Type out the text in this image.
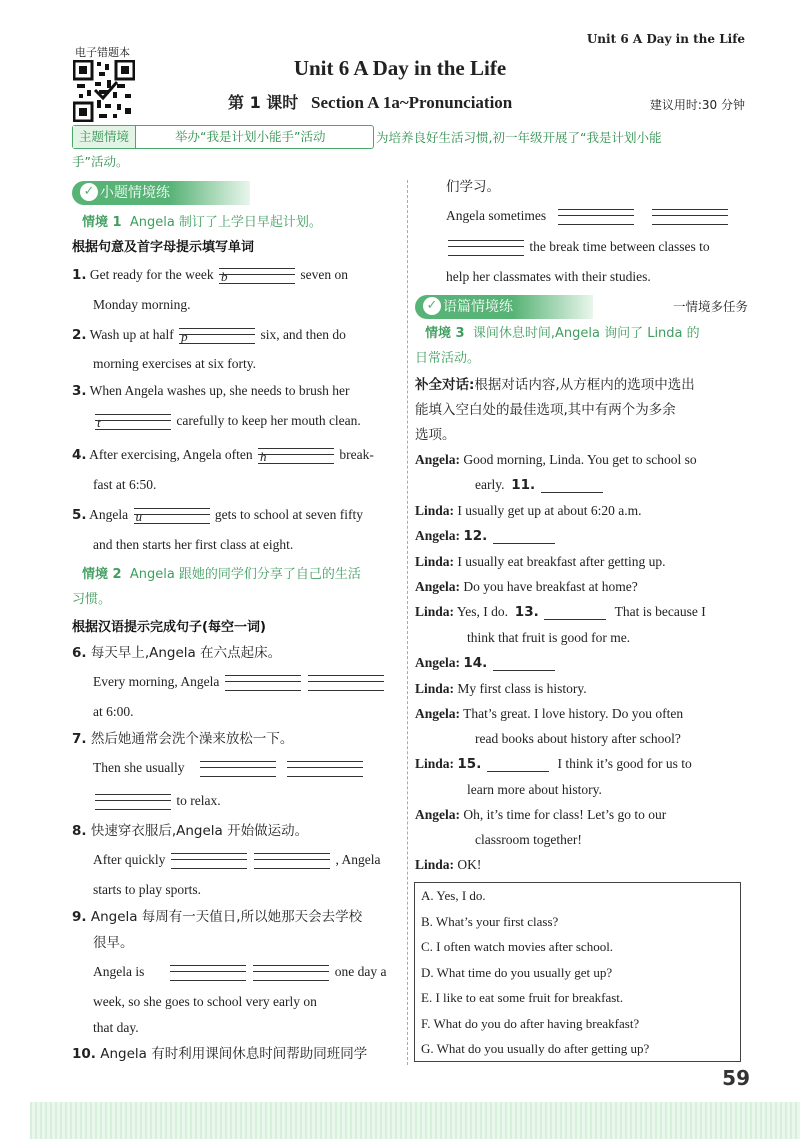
Unit 6 A Day in the Life
电子错题本
Unit 6 A Day in the Life
第 1 课时 Section A 1a~Pronunciation	建议用时:30 分钟
主题情境	举办“我是计划小能手”活动	为培养良好生活习惯,初一年级开展了“我是计划小能
手”活动。
✓ 小题情境练
情境 1 Angela 制订了上学日早起计划。
根据句意及首字母提示填写单词
1. Get ready for the week b	seven on
Monday morning.
2. Wash up at half p	six, and then do
morning exercises at six forty.
3. When Angela washes up, she needs to brush her
t	carefully to keep her mouth clean.
4. After exercising, Angela often h	break-
fast at 6:50.
5. Angela u	gets to school at seven fifty
and then starts her first class at eight.
情境 2 Angela 跟她的同学们分享了自己的生活
习惯。
根据汉语提示完成句子(每空一词)
6. 每天早上,Angela 在六点起床。
Every morning, Angela
at 6:00.
7. 然后她通常会洗个澡来放松一下。
Then she usually
to relax.
8. 快速穿衣服后,Angela 开始做运动。
After quickly	, Angela
starts to play sports.
9. Angela 每周有一天值日,所以她那天会去学校
很早。
Angela is	one day a
week, so she goes to school very early on
that day.
10. Angela 有时利用课间休息时间帮助同班同学
们学习。
Angela sometimes
the break time between classes to
help her classmates with their studies.
✓ 语篇情境练	一情境多任务
情境 3 课间休息时间,Angela 询问了 Linda 的
日常活动。
补全对话:根据对话内容,从方框内的选项中选出
能填入空白处的最佳选项,其中有两个为多余
选项。
Angela: Good morning, Linda. You get to school so
early. 11.
Linda: I usually get up at about 6:20 a.m.
Angela: 12.
Linda: I usually eat breakfast after getting up.
Angela: Do you have breakfast at home?
Linda: Yes, I do. 13.	That is because I
think that fruit is good for me.
Angela: 14.
Linda: My first class is history.
Angela: That’s great. I love history. Do you often
read books about history after school?
Linda: 15.	I think it’s good for us to
learn more about history.
Angela: Oh, it’s time for class! Let’s go to our
classroom together!
Linda: OK!
A. Yes, I do.
B. What’s your first class?
C. I often watch movies after school.
D. What time do you usually get up?
E. I like to eat some fruit for breakfast.
F. What do you do after having breakfast?
G. What do you usually do after getting up?
59
